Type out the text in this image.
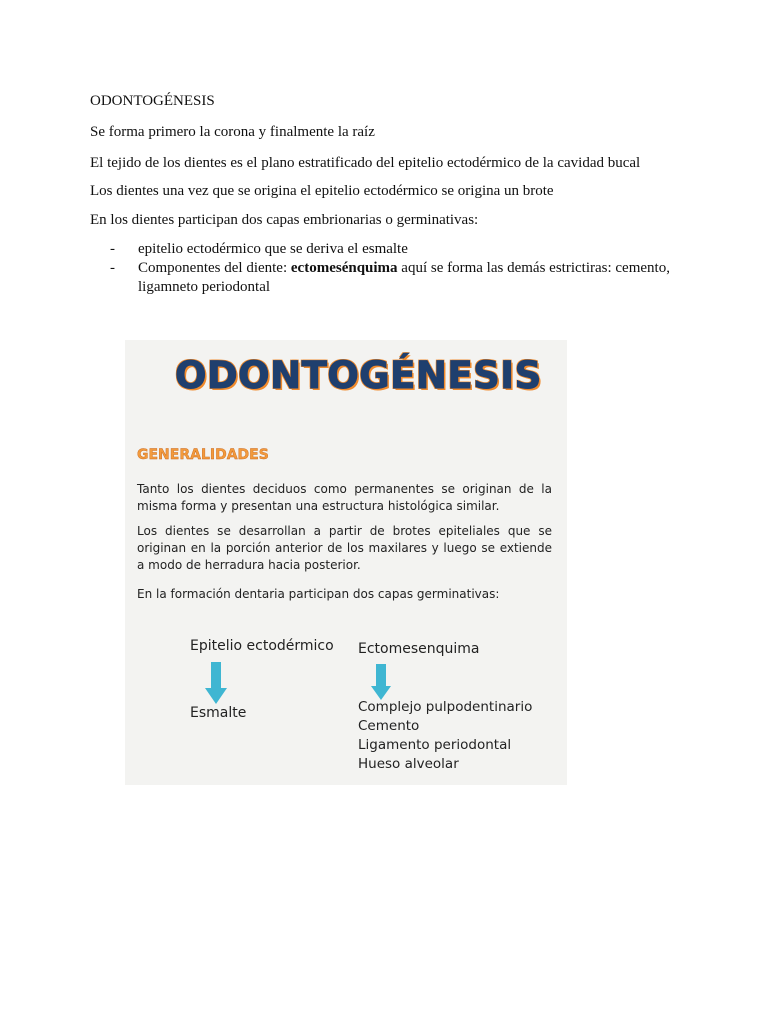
ODONTOGÉNESIS

Se forma primero la corona y finalmente la raíz

El tejido de los dientes es el plano estratificado del epitelio ectodérmico de la cavidad bucal

Los dientes una vez que se origina el epitelio ectodérmico se origina un brote

En los dientes participan dos capas embrionarias o germinativas:

-	epitelio ectodérmico que se deriva el esmalte
-	Componentes del diente: ectomesénquima aquí se forma las demás estrictiras: cemento, ligamneto periodontal
ODONTOGÉNESIS
GENERALIDADES
Tanto los dientes deciduos como permanentes se originan de la misma forma y presentan una estructura histológica similar.
Los dientes se desarrollan a partir de brotes epiteliales que se originan en la porción anterior de los maxilares y luego se extiende a modo de herradura hacia posterior.
En la formación dentaria participan dos capas germinativas:
Epitelio ectodérmico Ectomesenquima
Esmalte	Complejo pulpodentinario
Cemento
Ligamento periodontal
Hueso alveolar
